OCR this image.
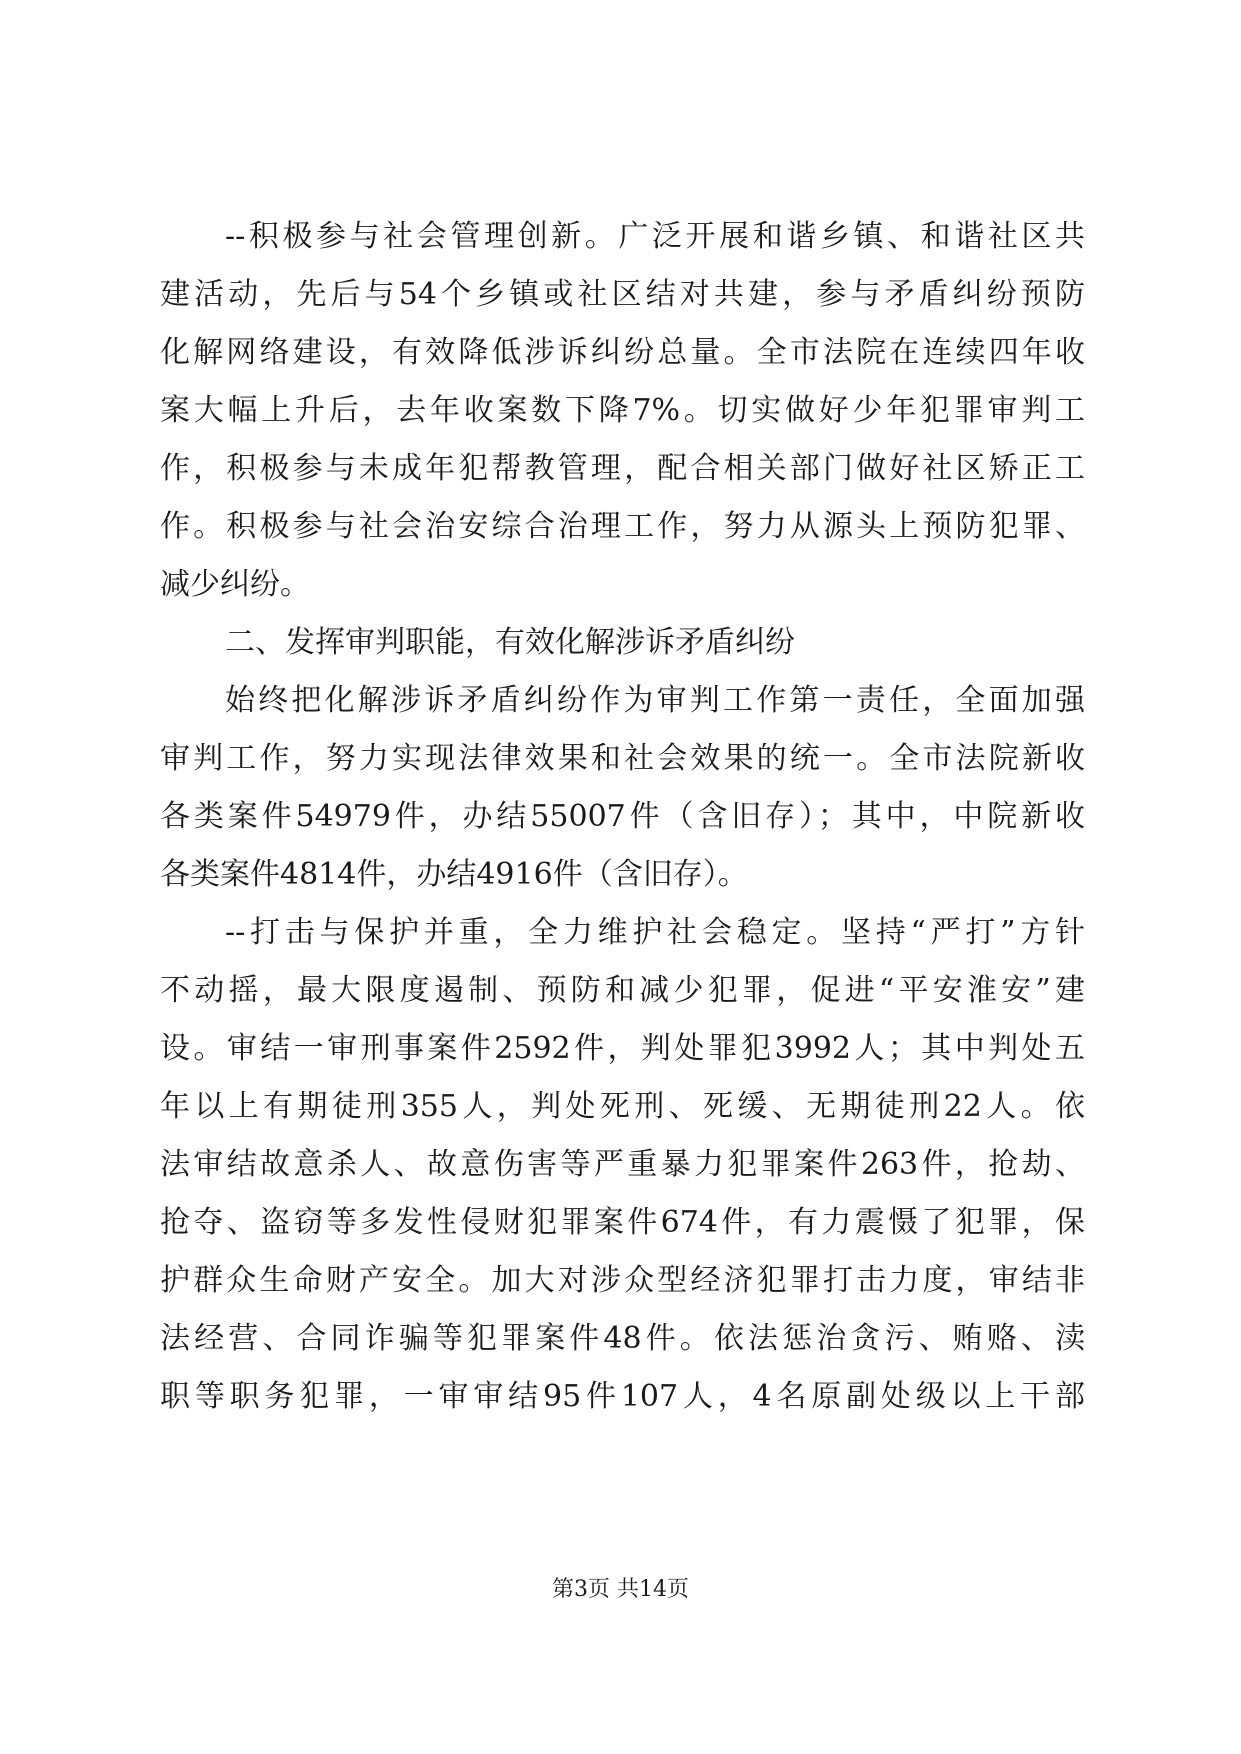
--积极参与社会管理创新。广泛开展和谐乡镇、和谐社区共
建活动，先后与54个乡镇或社区结对共建，参与矛盾纠纷预防
化解网络建设，有效降低涉诉纠纷总量。全市法院在连续四年收
案大幅上升后，去年收案数下降7%。切实做好少年犯罪审判工
作，积极参与未成年犯帮教管理，配合相关部门做好社区矫正工
作。积极参与社会治安综合治理工作，努力从源头上预防犯罪、
减少纠纷。
二、发挥审判职能，有效化解涉诉矛盾纠纷
始终把化解涉诉矛盾纠纷作为审判工作第一责任，全面加强
审判工作，努力实现法律效果和社会效果的统一。全市法院新收
各类案件54979件，办结55007件（含旧存）；其中，中院新收
各类案件4814件，办结4916件（含旧存）。
--打击与保护并重，全力维护社会稳定。坚持“严打”方针
不动摇，最大限度遏制、预防和减少犯罪，促进“平安淮安”建
设。审结一审刑事案件2592件，判处罪犯3992人；其中判处五
年以上有期徒刑355人，判处死刑、死缓、无期徒刑22人。依
法审结故意杀人、故意伤害等严重暴力犯罪案件263件，抢劫、
抢夺、盗窃等多发性侵财犯罪案件674件，有力震慑了犯罪，保
护群众生命财产安全。加大对涉众型经济犯罪打击力度，审结非
法经营、合同诈骗等犯罪案件48件。依法惩治贪污、贿赂、渎
职等职务犯罪，一审审结95件107人，4名原副处级以上干部
第3页 共14页
